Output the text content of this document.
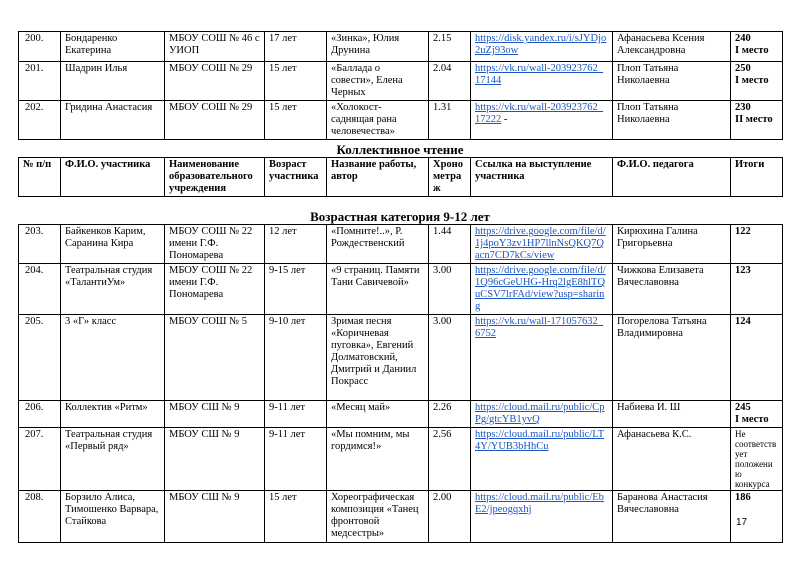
200.	Бондаренко Екатерина	МБОУ СОШ № 46 с УИОП	17 лет	«Зинка», Юлия Друнина	2.15	https://disk.yandex.ru/i/sJYDjo2uZj93ow	Афанасьева Ксения Александровна	240
I место

201.	Шадрин Илья	МБОУ СОШ № 29	15 лет	«Баллада о совести», Елена Черных	2.04	https://vk.ru/wall-203923762_17144	Плоп Татьяна Николаевна	250
I место

202.	Гридина Анастасия	МБОУ СОШ № 29	15 лет	«Холокост- саднящая рана человечества»	1.31	https://vk.ru/wall-203923762_17222 -	Плоп Татьяна Николаевна	230
II место
Коллективное чтение
№ п/п	Ф.И.О. участника	Наименование образовательного учреждения	Возраст участника	Название работы, автор	Хроно метраж	Ссылка на выступление участника	Ф.И.О. педагога	Итоги
Возрастная категория 9-12 лет
203.	Байкенков Карим, Саранина Кира	МБОУ СОШ № 22 имени Г.Ф. Пономарева	12 лет	«Помните!..», Р. Рождественский	1.44	https://drive.google.com/file/d/1j4poY3zv1HP7llnNsQKQ7Qacn7CD7kCs/view	Кирюхина Галина Григорьевна	122

204.	Театральная студия «ТалантиУм»	МБОУ СОШ № 22 имени Г.Ф. Пономарева	9-15 лет	«9 страниц. Памяти Тани Савичевой»	3.00	https://drive.google.com/file/d/1Q96cGeUHG-Hrq2lgE8hlTQuCSV7lrFAd/view?usp=sharing	Чижкова Елизавета Вячеславовна	123

205.	3 «Г» класс	МБОУ СОШ № 5	9-10 лет	Зримая песня «Коричневая пуговка», Евгений Долматовский, Дмитрий и Даниил Покрасс	3.00	https://vk.ru/wall-171057632_6752	Погорелова Татьяна Владимировна	124

206.	Коллектив «Ритм»	МБОУ СШ № 9	9-11 лет	«Месяц май»	2.26	https://cloud.mail.ru/public/CpPg/gtcYB1yvQ	Набиева И. Ш	245
I место

207.	Театральная студия «Первый ряд»	МБОУ СШ № 9	9-11 лет	«Мы помним, мы гордимся!»	2.56	https://cloud.mail.ru/public/LT4Y/YUB3bHhCu	Афанасьева К.С.	Не соответствует положению конкурса

208.	Борзило Алиса, Тимошенко Варвара, Стайкова	МБОУ СШ № 9	15 лет	Хореографическая композиция «Танец фронтовой медсестры»	2.00	https://cloud.mail.ru/public/EbE2/jpeogqxhj	Баранова Анастасия Вячеславовна	186
17
